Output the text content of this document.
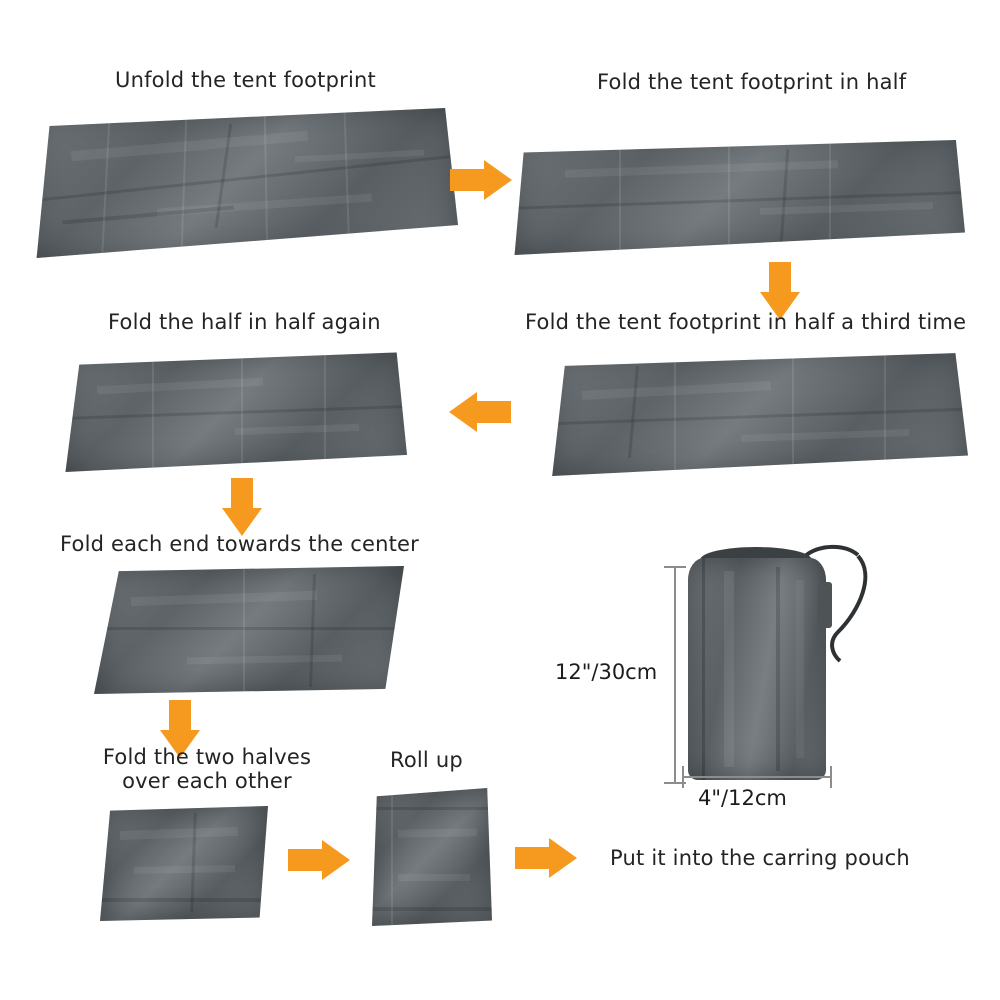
Unfold the tent footprint	Fold the tent footprint in half
Fold the tent footprint in half a third time
Fold the half in half again
Fold each end towards the center
Fold the two halves
over each other
Roll up
Put it into the carring pouch
12"/30cm
4"/12cm
